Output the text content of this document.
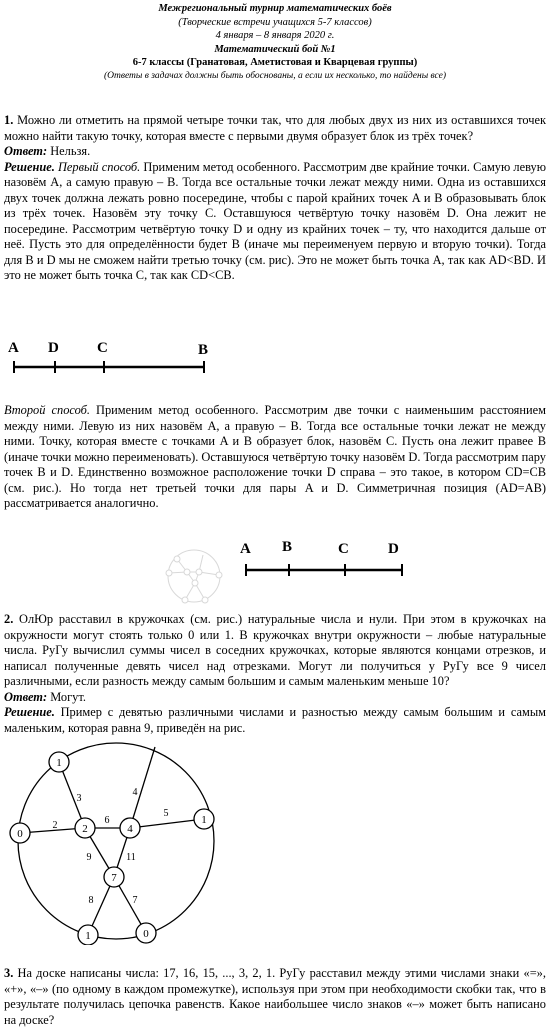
Межрегиональный турнир математических боёв
(Творческие встречи учащихся 5-7 классов)
4 января – 8 января 2020 г.
Математический бой №1
6-7 классы (Гранатовая, Аметистовая и Кварцевая группы)
(Ответы в задачах должны быть обоснованы, а если их несколько, то найдены все)

1. Можно ли отметить на прямой четыре точки так, что для любых двух из них из оставшихся точек можно найти такую точку, которая вместе с первыми двумя образует блок из трёх точек?

Ответ: Нельзя.

Решение. Первый способ. Применим метод особенного. Рассмотрим две крайние точки. Самую левую назовём A, а самую правую – B. Тогда все остальные точки лежат между ними. Одна из оставшихся двух точек должна лежать ровно посередине, чтобы с парой крайних точек A и B образовывать блок из трёх точек. Назовём эту точку C. Оставшуюся четвёртую точку назовём D. Она лежит не посередине. Рассмотрим четвёртую точку D и одну из крайних точек – ту, что находится дальше от неё. Пусть это для определённости будет B (иначе мы переименуем первую и вторую точки). Тогда для B и D мы не сможем найти третью точку (см. рис). Это не может быть точка A, так как AD<BD. И это не может быть точка C, так как CD<CB.

A D	C	B

Второй способ. Применим метод особенного. Рассмотрим две точки с наименьшим расстоянием между ними. Левую из них назовём A, а правую – B. Тогда все остальные точки лежат не между ними. Точку, которая вместе с точками A и B образует блок, назовём C. Пусть она лежит правее B (иначе точки можно переименовать). Оставшуюся четвёртую точку назовём D. Тогда рассмотрим пару точек B и D. Единственно возможное расположение точки D справа – это такое, в котором CD=CB (см. рис.). Но тогда нет третьей точки для пары A и D. Симметричная позиция (AD=AB) рассматривается аналогично.

A B	C	D

2. ОлЮр расставил в кружочках (см. рис.) натуральные числа и нули. При этом в кружочках на окружности могут стоять только 0 или 1. В кружочках внутри окружности – любые натуральные числа. РуГу вычислил суммы чисел в соседних кружочках, которые являются концами отрезков, и написал полученные девять чисел над отрезками. Могут ли получиться у РуГу все 9 чисел различными, если разность между самым большим и самым маленьким меньше 10?

Ответ: Могут.

Решение. Пример с девятью различными числами и разностью между самым большим и самым маленьким, которая равна 9, приведён на рис.

1
0	2	4
1
7
1	0
3
2	6
4
5
9	11
8	7

3. На доске написаны числа: 17, 16, 15, ..., 3, 2, 1. РуГу расставил между этими числами знаки «=», «+», «–» (по одному в каждом промежутке), используя при этом при необходимости скобки так, что в результате получилась цепочка равенств. Какое наибольшее число знаков «–» может быть написано на доске?
